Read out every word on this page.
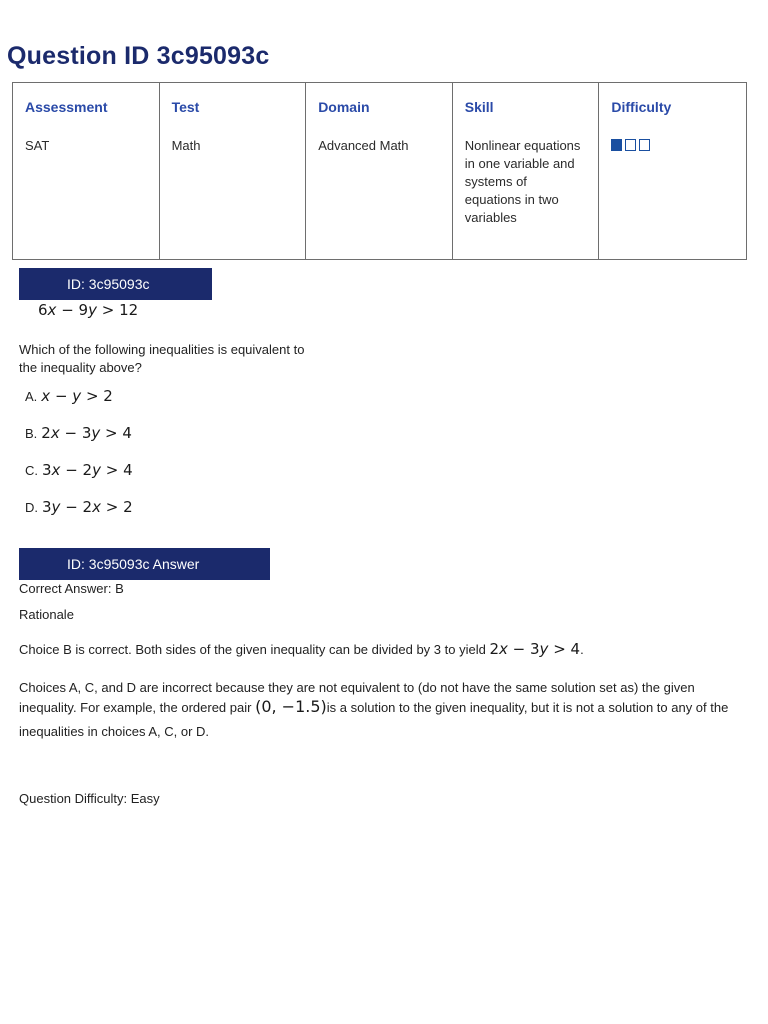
Question ID 3c95093c
Assessment
SAT
Test
Math
Domain
Advanced Math
Skill
Nonlinear equations in one variable and systems of equations in two variables
Difficulty
ID: 3c95093c
6x − 9y > 12
Which of the following inequalities is equivalent to the inequality above?
A. x − y > 2
B. 2x − 3y > 4
C. 3x − 2y > 4
D. 3y − 2x > 2
ID: 3c95093c Answer
Correct Answer: B
Rationale
Choice B is correct. Both sides of the given inequality can be divided by 3 to yield 2x − 3y > 4.
Choices A, C, and D are incorrect because they are not equivalent to (do not have the same solution set as) the given
inequality. For example, the ordered pair (0, −1.5)is a solution to the given inequality, but it is not a solution to any of the
inequalities in choices A, C, or D.
Question Difficulty: Easy
